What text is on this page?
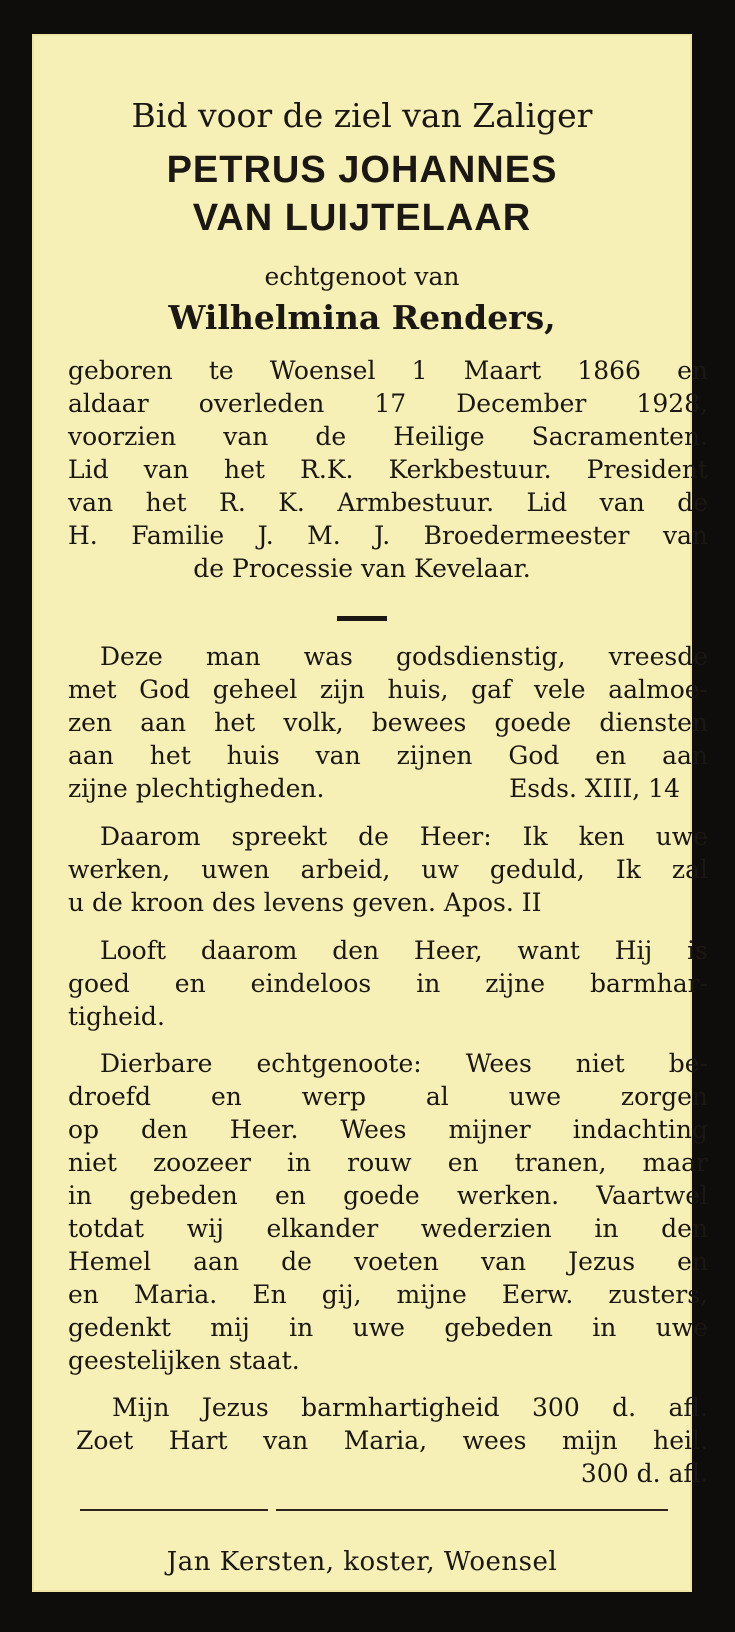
Bid voor de ziel van Zaliger
PETRUS JOHANNES
VAN LUIJTELAAR
echtgenoot van
Wilhelmina Renders,
geboren te Woensel 1 Maart 1866 en
aldaar overleden 17 December 1928,
voorzien van de Heilige Sacramenten.
Lid van het R.K. Kerkbestuur. President
van het R. K. Armbestuur. Lid van de
H. Familie J. M. J. Broedermeester van
de Processie van Kevelaar.
Deze man was godsdienstig, vreesde
met God geheel zijn huis, gaf vele aalmoe-
zen aan het volk, bewees goede diensten
aan het huis van zijnen God en aan
zijne plechtigheden.	Esds. XIII, 14
Daarom spreekt de Heer: Ik ken uwe
werken, uwen arbeid, uw geduld, Ik zal
u de kroon des levens geven. Apos. II
Looft daarom den Heer, want Hij is
goed en eindeloos in zijne barmhar-
tigheid.
Dierbare echtgenoote: Wees niet be-
droefd en werp al uwe zorgen
op den Heer. Wees mijner indachting
niet zoozeer in rouw en tranen, maar
in gebeden en goede werken. Vaartwel
totdat wij elkander wederzien in den
Hemel aan de voeten van Jezus en
en Maria. En gij, mijne Eerw. zusters,
gedenkt mij in uwe gebeden in uwe
geestelijken staat.
Mijn Jezus barmhartigheid 300 d. afl.
Zoet Hart van Maria, wees mijn heil.
300 d. afl.
Jan Kersten, koster, Woensel
